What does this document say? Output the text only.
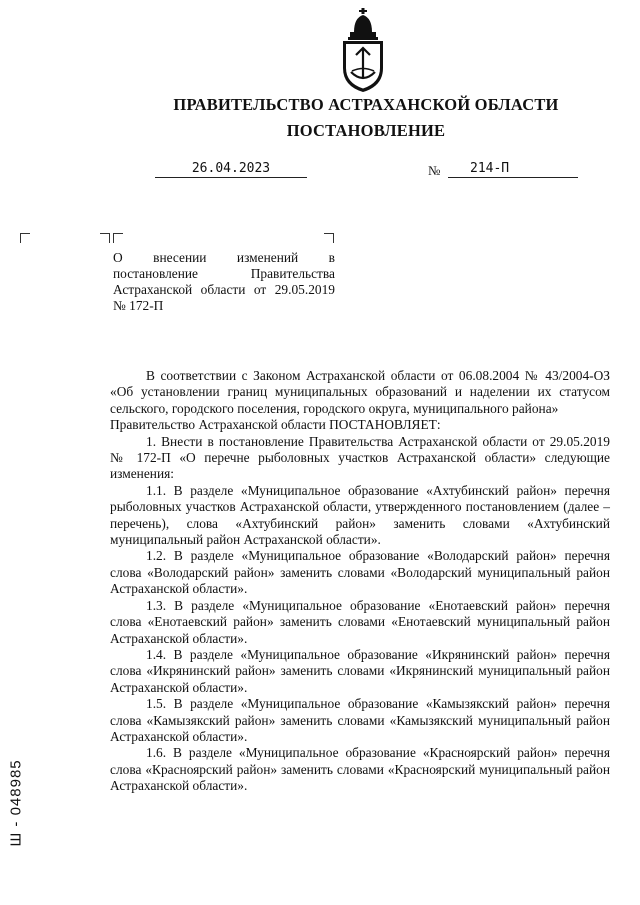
ПРАВИТЕЛЬСТВО АСТРАХАНСКОЙ ОБЛАСТИ
ПОСТАНОВЛЕНИЕ
26.04.2023	№	214-П

О внесении изменений в постановление Правительства Астраханской области от 29.05.2019 № 172-П

В соответствии с Законом Астраханской области от 06.08.2004 № 43/2004-ОЗ «Об установлении границ муниципальных образований и наделении их статусом сельского, городского поселения, городского округа, муниципального района»

Правительство Астраханской области ПОСТАНОВЛЯЕТ:

1. Внести в постановление Правительства Астраханской области от 29.05.2019 № 172-П «О перечне рыболовных участков Астраханской области» следующие изменения:

1.1. В разделе «Муниципальное образование «Ахтубинский район» перечня рыболовных участков Астраханской области, утвержденного постановлением (далее – перечень), слова «Ахтубинский район» заменить словами «Ахтубинский муниципальный район Астраханской области».

1.2. В разделе «Муниципальное образование «Володарский район» перечня слова «Володарский район» заменить словами «Володарский муниципальный район Астраханской области».

1.3. В разделе «Муниципальное образование «Енотаевский район» перечня слова «Енотаевский район» заменить словами «Енотаевский муниципальный район Астраханской области».

1.4. В разделе «Муниципальное образование «Икрянинский район» перечня слова «Икрянинский район» заменить словами «Икрянинский муниципальный район Астраханской области».

1.5. В разделе «Муниципальное образование «Камызякский район» перечня слова «Камызякский район» заменить словами «Камызякский муниципальный район Астраханской области».

1.6. В разделе «Муниципальное образование «Красноярский район» перечня слова «Красноярский район» заменить словами «Красноярский муниципальный район Астраханской области».

Ш - 048985
